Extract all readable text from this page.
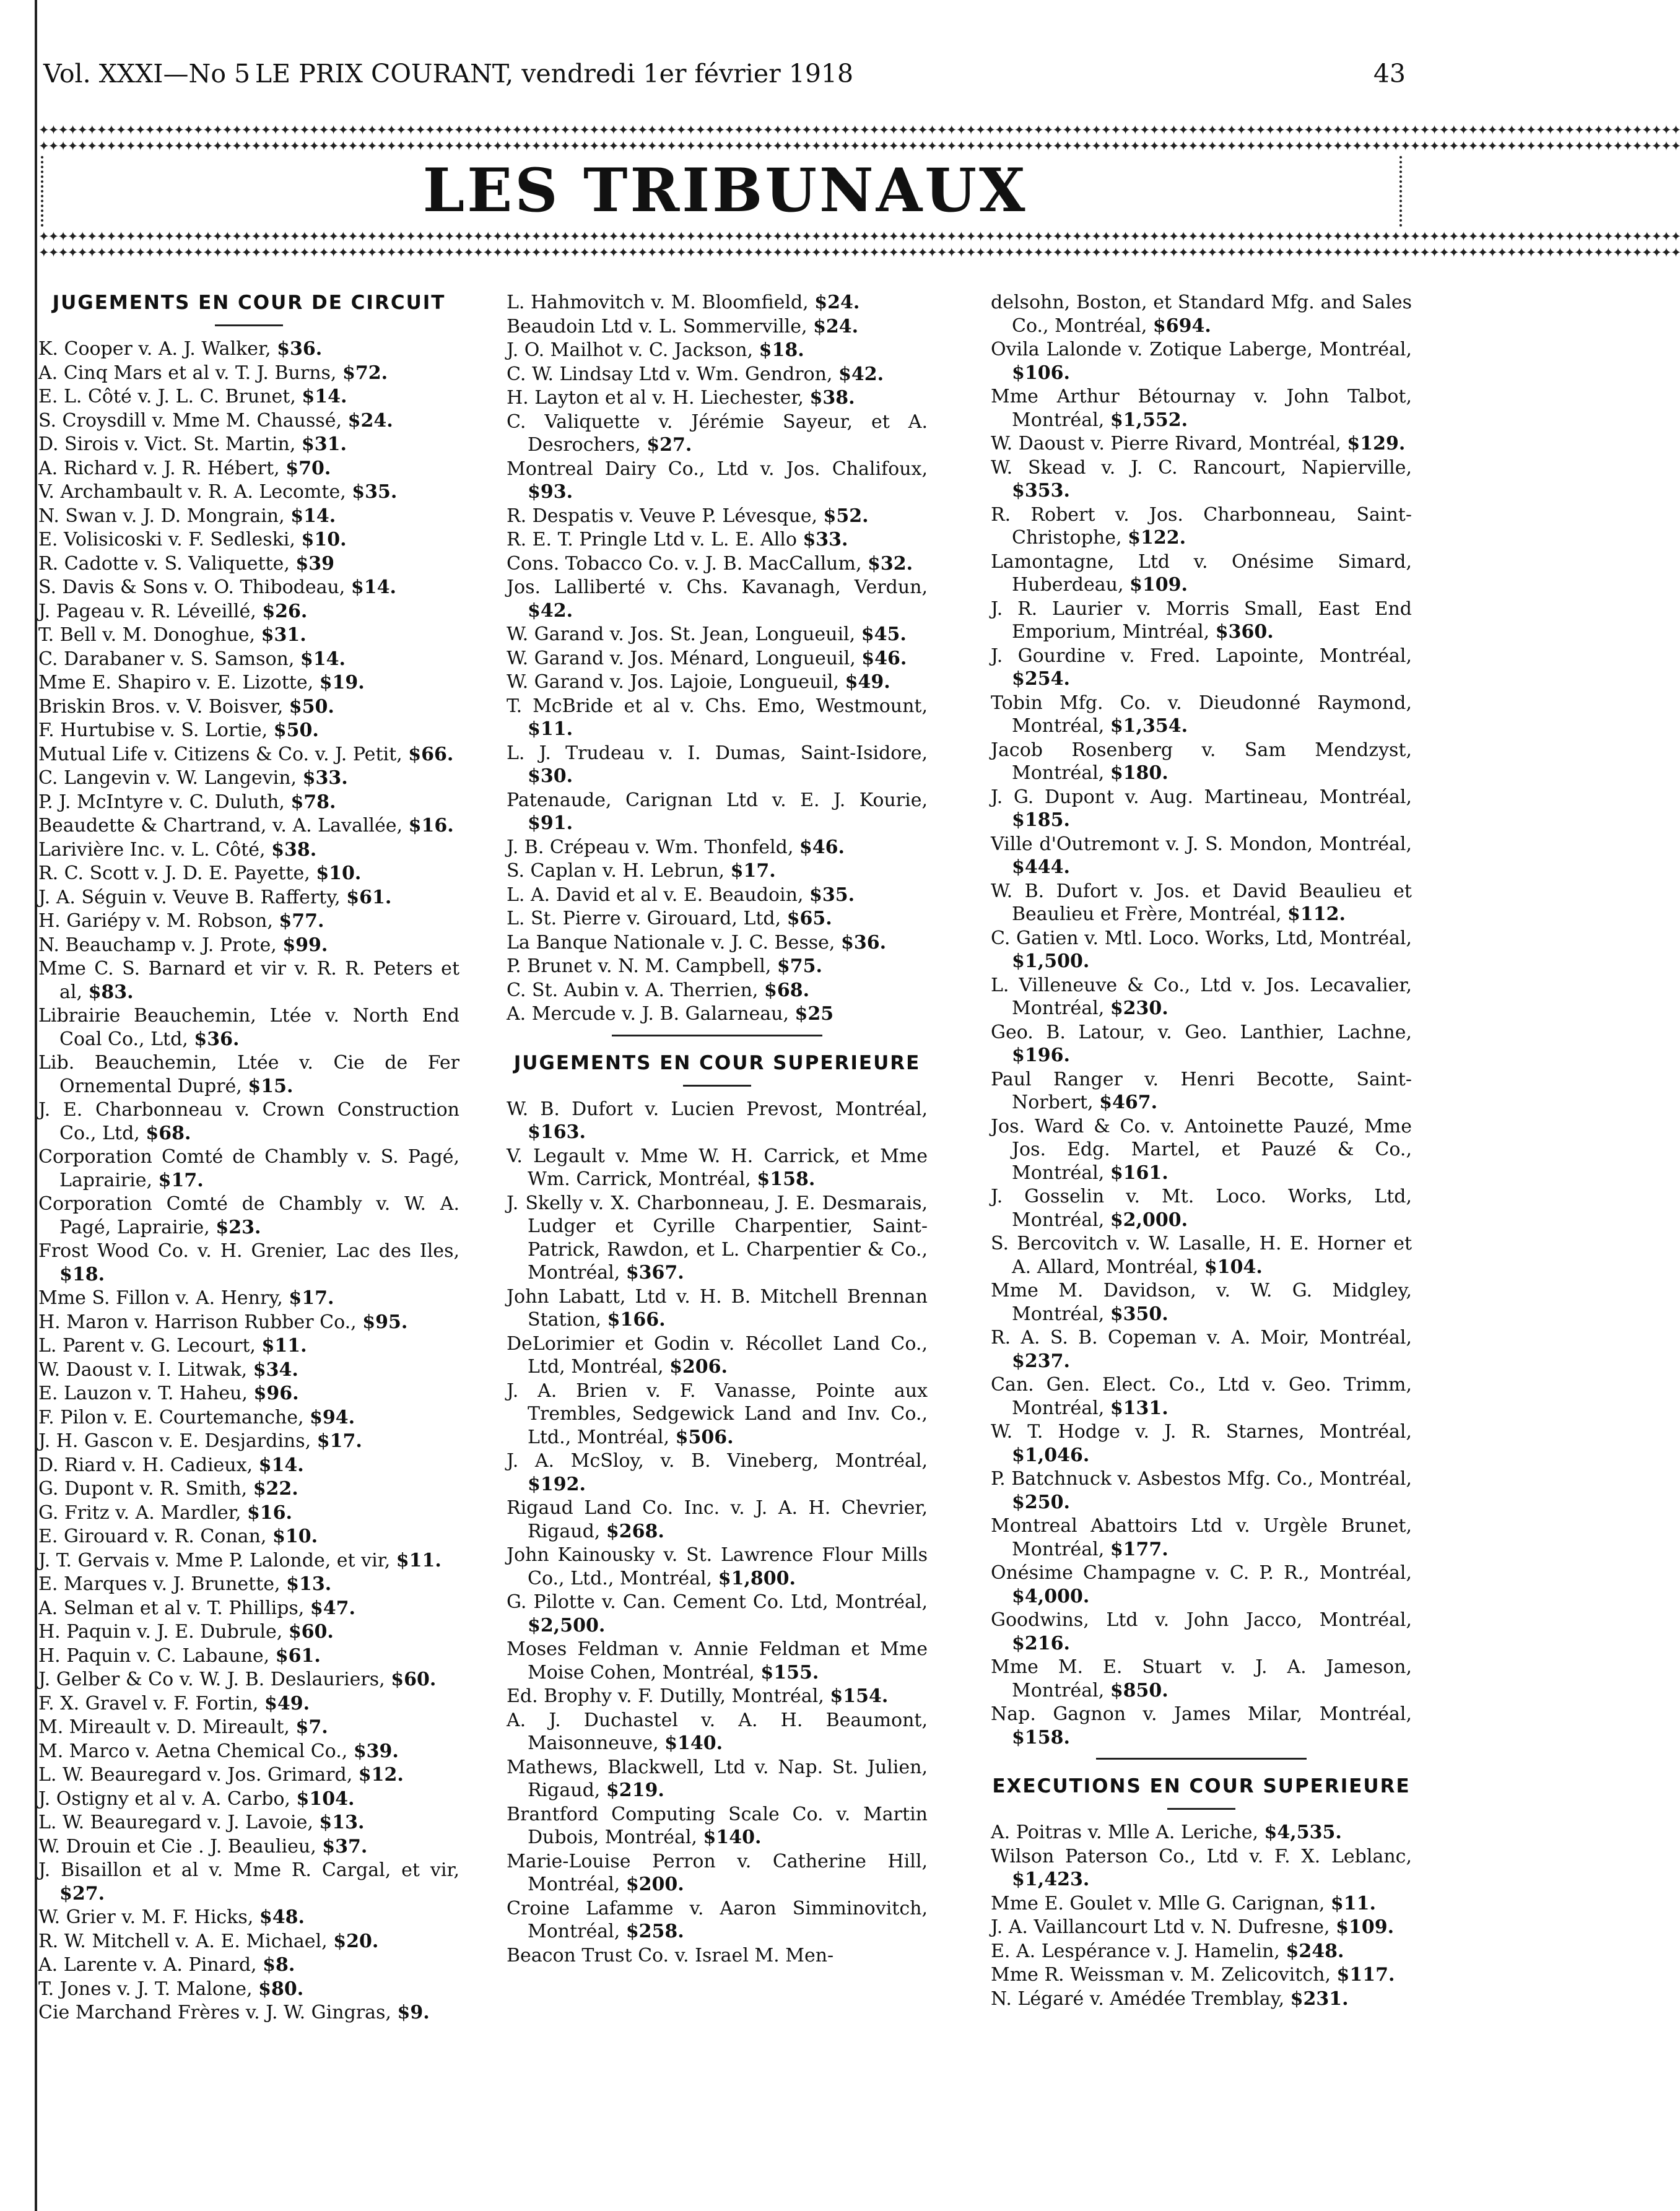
Vol. XXXI—No 5 LE PRIX COURANT, vendredi 1er février 1918	43
✦✦✦✦✦✦✦✦✦✦✦✦✦✦✦✦✦✦✦✦✦✦✦✦✦✦✦✦✦✦✦✦✦✦✦✦✦✦✦✦✦✦✦✦✦✦✦✦✦✦✦✦✦✦✦✦✦✦✦✦✦✦✦✦✦✦✦✦✦✦✦✦✦✦✦✦✦✦✦✦✦✦✦✦✦✦✦✦✦✦✦✦✦✦✦✦✦✦✦✦✦✦✦✦✦✦✦✦✦✦✦✦✦✦✦✦✦✦✦✦✦✦✦✦✦✦✦✦✦✦✦✦✦✦✦✦✦✦✦✦✦✦✦✦✦✦✦✦✦✦✦✦✦✦✦✦✦✦✦✦✦✦✦✦✦✦✦✦✦✦
✦✦✦✦✦✦✦✦✦✦✦✦✦✦✦✦✦✦✦✦✦✦✦✦✦✦✦✦✦✦✦✦✦✦✦✦✦✦✦✦✦✦✦✦✦✦✦✦✦✦✦✦✦✦✦✦✦✦✦✦✦✦✦✦✦✦✦✦✦✦✦✦✦✦✦✦✦✦✦✦✦✦✦✦✦✦✦✦✦✦✦✦✦✦✦✦✦✦✦✦✦✦✦✦✦✦✦✦✦✦✦✦✦✦✦✦✦✦✦✦✦✦✦✦✦✦✦✦✦✦✦✦✦✦✦✦✦✦✦✦✦✦✦✦✦✦✦✦✦✦✦✦✦✦✦✦✦✦✦✦✦✦✦✦✦✦✦✦✦✦
LES TRIBUNAUX
✦✦✦✦✦✦✦✦✦✦✦✦✦✦✦✦✦✦✦✦✦✦✦✦✦✦✦✦✦✦✦✦✦✦✦✦✦✦✦✦✦✦✦✦✦✦✦✦✦✦✦✦✦✦✦✦✦✦✦✦✦✦✦✦✦✦✦✦✦✦✦✦✦✦✦✦✦✦✦✦✦✦✦✦✦✦✦✦✦✦✦✦✦✦✦✦✦✦✦✦✦✦✦✦✦✦✦✦✦✦✦✦✦✦✦✦✦✦✦✦✦✦✦✦✦✦✦✦✦✦✦✦✦✦✦✦✦✦✦✦✦✦✦✦✦✦✦✦✦✦✦✦✦✦✦✦✦✦✦✦✦✦✦✦✦✦✦✦✦✦
✦✦✦✦✦✦✦✦✦✦✦✦✦✦✦✦✦✦✦✦✦✦✦✦✦✦✦✦✦✦✦✦✦✦✦✦✦✦✦✦✦✦✦✦✦✦✦✦✦✦✦✦✦✦✦✦✦✦✦✦✦✦✦✦✦✦✦✦✦✦✦✦✦✦✦✦✦✦✦✦✦✦✦✦✦✦✦✦✦✦✦✦✦✦✦✦✦✦✦✦✦✦✦✦✦✦✦✦✦✦✦✦✦✦✦✦✦✦✦✦✦✦✦✦✦✦✦✦✦✦✦✦✦✦✦✦✦✦✦✦✦✦✦✦✦✦✦✦✦✦✦✦✦✦✦✦✦✦✦✦✦✦✦✦✦✦✦✦✦✦

JUGEMENTS EN COUR DE CIRCUIT

K. Cooper v. A. J. Walker, $36.

A. Cinq Mars et al v. T. J. Burns, $72.

E. L. Côté v. J. L. C. Brunet, $14.

S. Croysdill v. Mme M. Chaussé, $24.

D. Sirois v. Vict. St. Martin, $31.

A. Richard v. J. R. Hébert, $70.

V. Archambault v. R. A. Lecomte, $35.

N. Swan v. J. D. Mongrain, $14.

E. Volisicoski v. F. Sedleski, $10.

R. Cadotte v. S. Valiquette, $39

S. Davis & Sons v. O. Thibodeau, $14.

J. Pageau v. R. Léveillé, $26.

T. Bell v. M. Donoghue, $31.

C. Darabaner v. S. Samson, $14.

Mme E. Shapiro v. E. Lizotte, $19.

Briskin Bros. v. V. Boisver, $50.

F. Hurtubise v. S. Lortie, $50.

Mutual Life v. Citizens & Co. v. J. Petit, $66.

C. Langevin v. W. Langevin, $33.

P. J. McIntyre v. C. Duluth, $78.

Beaudette & Chartrand, v. A. Lavallée, $16.

Larivière Inc. v. L. Côté, $38.

R. C. Scott v. J. D. E. Payette, $10.

J. A. Séguin v. Veuve B. Rafferty, $61.

H. Gariépy v. M. Robson, $77.

N. Beauchamp v. J. Prote, $99.

Mme C. S. Barnard et vir v. R. R. Peters et al, $83.

Librairie Beauchemin, Ltée v. North End Coal Co., Ltd, $36.

Lib. Beauchemin, Ltée v. Cie de Fer Ornemental Dupré, $15.

J. E. Charbonneau v. Crown Construction Co., Ltd, $68.

Corporation Comté de Chambly v. S. Pagé, Laprairie, $17.

Corporation Comté de Chambly v. W. A. Pagé, Laprairie, $23.

Frost Wood Co. v. H. Grenier, Lac des Iles, $18.

Mme S. Fillon v. A. Henry, $17.

H. Maron v. Harrison Rubber Co., $95.

L. Parent v. G. Lecourt, $11.

W. Daoust v. I. Litwak, $34.

E. Lauzon v. T. Haheu, $96.

F. Pilon v. E. Courtemanche, $94.

J. H. Gascon v. E. Desjardins, $17.

D. Riard v. H. Cadieux, $14.

G. Dupont v. R. Smith, $22.

G. Fritz v. A. Mardler, $16.

E. Girouard v. R. Conan, $10.

J. T. Gervais v. Mme P. Lalonde, et vir, $11.

E. Marques v. J. Brunette, $13.

A. Selman et al v. T. Phillips, $47.

H. Paquin v. J. E. Dubrule, $60.

H. Paquin v. C. Labaune, $61.

J. Gelber & Co v. W. J. B. Deslauriers, $60.

F. X. Gravel v. F. Fortin, $49.

M. Mireault v. D. Mireault, $7.

M. Marco v. Aetna Chemical Co., $39.

L. W. Beauregard v. Jos. Grimard, $12.

J. Ostigny et al v. A. Carbo, $104.

L. W. Beauregard v. J. Lavoie, $13.

W. Drouin et Cie . J. Beaulieu, $37.

J. Bisaillon et al v. Mme R. Cargal, et vir, $27.

W. Grier v. M. F. Hicks, $48.

R. W. Mitchell v. A. E. Michael, $20.

A. Larente v. A. Pinard, $8.

T. Jones v. J. T. Malone, $80.

Cie Marchand Frères v. J. W. Gingras, $9.

L. Hahmovitch v. M. Bloomfield, $24.

Beaudoin Ltd v. L. Sommerville, $24.

J. O. Mailhot v. C. Jackson, $18.

C. W. Lindsay Ltd v. Wm. Gendron, $42.

H. Layton et al v. H. Liechester, $38.

C. Valiquette v. Jérémie Sayeur, et A. Desrochers, $27.

Montreal Dairy Co., Ltd v. Jos. Chalifoux, $93.

R. Despatis v. Veuve P. Lévesque, $52.

R. E. T. Pringle Ltd v. L. E. Allo $33.

Cons. Tobacco Co. v. J. B. MacCallum, $32.

Jos. Lalliberté v. Chs. Kavanagh, Verdun, $42.

W. Garand v. Jos. St. Jean, Longueuil, $45.

W. Garand v. Jos. Ménard, Longueuil, $46.

W. Garand v. Jos. Lajoie, Longueuil, $49.

T. McBride et al v. Chs. Emo, Westmount, $11.

L. J. Trudeau v. I. Dumas, Saint-Isidore, $30.

Patenaude, Carignan Ltd v. E. J. Kourie, $91.

J. B. Crépeau v. Wm. Thonfeld, $46.

S. Caplan v. H. Lebrun, $17.

L. A. David et al v. E. Beaudoin, $35.

L. St. Pierre v. Girouard, Ltd, $65.

La Banque Nationale v. J. C. Besse, $36.

P. Brunet v. N. M. Campbell, $75.

C. St. Aubin v. A. Therrien, $68.

A. Mercude v. J. B. Galarneau, $25

JUGEMENTS EN COUR SUPERIEURE

W. B. Dufort v. Lucien Prevost, Montréal, $163.

V. Legault v. Mme W. H. Carrick, et Mme Wm. Carrick, Montréal, $158.

J. Skelly v. X. Charbonneau, J. E. Desmarais, Ludger et Cyrille Charpentier, Saint-Patrick, Rawdon, et L. Charpentier & Co., Montréal, $367.

John Labatt, Ltd v. H. B. Mitchell Brennan Station, $166.

DeLorimier et Godin v. Récollet Land Co., Ltd, Montréal, $206.

J. A. Brien v. F. Vanasse, Pointe aux Trembles, Sedgewick Land and Inv. Co., Ltd., Montréal, $506.

J. A. McSloy, v. B. Vineberg, Montréal, $192.

Rigaud Land Co. Inc. v. J. A. H. Chevrier, Rigaud, $268.

John Kainousky v. St. Lawrence Flour Mills Co., Ltd., Montréal, $1,800.

G. Pilotte v. Can. Cement Co. Ltd, Montréal, $2,500.

Moses Feldman v. Annie Feldman et Mme Moise Cohen, Montréal, $155.

Ed. Brophy v. F. Dutilly, Montréal, $154.

A. J. Duchastel v. A. H. Beaumont, Maisonneuve, $140.

Mathews, Blackwell, Ltd v. Nap. St. Julien, Rigaud, $219.

Brantford Computing Scale Co. v. Martin Dubois, Montréal, $140.

Marie-Louise Perron v. Catherine Hill, Montréal, $200.

Croine Lafamme v. Aaron Simminovitch, Montréal, $258.

Beacon Trust Co. v. Israel M. Men-

delsohn, Boston, et Standard Mfg. and Sales Co., Montréal, $694.

Ovila Lalonde v. Zotique Laberge, Montréal, $106.

Mme Arthur Bétournay v. John Talbot, Montréal, $1,552.

W. Daoust v. Pierre Rivard, Montréal, $129.

W. Skead v. J. C. Rancourt, Napierville, $353.

R. Robert v. Jos. Charbonneau, Saint-Christophe, $122.

Lamontagne, Ltd v. Onésime Simard, Huberdeau, $109.

J. R. Laurier v. Morris Small, East End Emporium, Mintréal, $360.

J. Gourdine v. Fred. Lapointe, Montréal, $254.

Tobin Mfg. Co. v. Dieudonné Raymond, Montréal, $1,354.

Jacob Rosenberg v. Sam Mendzyst, Montréal, $180.

J. G. Dupont v. Aug. Martineau, Montréal, $185.

Ville d'Outremont v. J. S. Mondon, Montréal, $444.

W. B. Dufort v. Jos. et David Beaulieu et Beaulieu et Frère, Montréal, $112.

C. Gatien v. Mtl. Loco. Works, Ltd, Montréal, $1,500.

L. Villeneuve & Co., Ltd v. Jos. Lecavalier, Montréal, $230.

Geo. B. Latour, v. Geo. Lanthier, Lachne, $196.

Paul Ranger v. Henri Becotte, Saint-Norbert, $467.

Jos. Ward & Co. v. Antoinette Pauzé, Mme Jos. Edg. Martel, et Pauzé & Co., Montréal, $161.

J. Gosselin v. Mt. Loco. Works, Ltd, Montréal, $2,000.

S. Bercovitch v. W. Lasalle, H. E. Horner et A. Allard, Montréal, $104.

Mme M. Davidson, v. W. G. Midgley, Montréal, $350.

R. A. S. B. Copeman v. A. Moir, Montréal, $237.

Can. Gen. Elect. Co., Ltd v. Geo. Trimm, Montréal, $131.

W. T. Hodge v. J. R. Starnes, Montréal, $1,046.

P. Batchnuck v. Asbestos Mfg. Co., Montréal, $250.

Montreal Abattoirs Ltd v. Urgèle Brunet, Montréal, $177.

Onésime Champagne v. C. P. R., Montréal, $4,000.

Goodwins, Ltd v. John Jacco, Montréal, $216.

Mme M. E. Stuart v. J. A. Jameson, Montréal, $850.

Nap. Gagnon v. James Milar, Montréal, $158.

EXECUTIONS EN COUR SUPERIEURE

A. Poitras v. Mlle A. Leriche, $4,535.

Wilson Paterson Co., Ltd v. F. X. Leblanc, $1,423.

Mme E. Goulet v. Mlle G. Carignan, $11.

J. A. Vaillancourt Ltd v. N. Dufresne, $109.

E. A. Lespérance v. J. Hamelin, $248.

Mme R. Weissman v. M. Zelicovitch, $117.

N. Légaré v. Amédée Tremblay, $231.
